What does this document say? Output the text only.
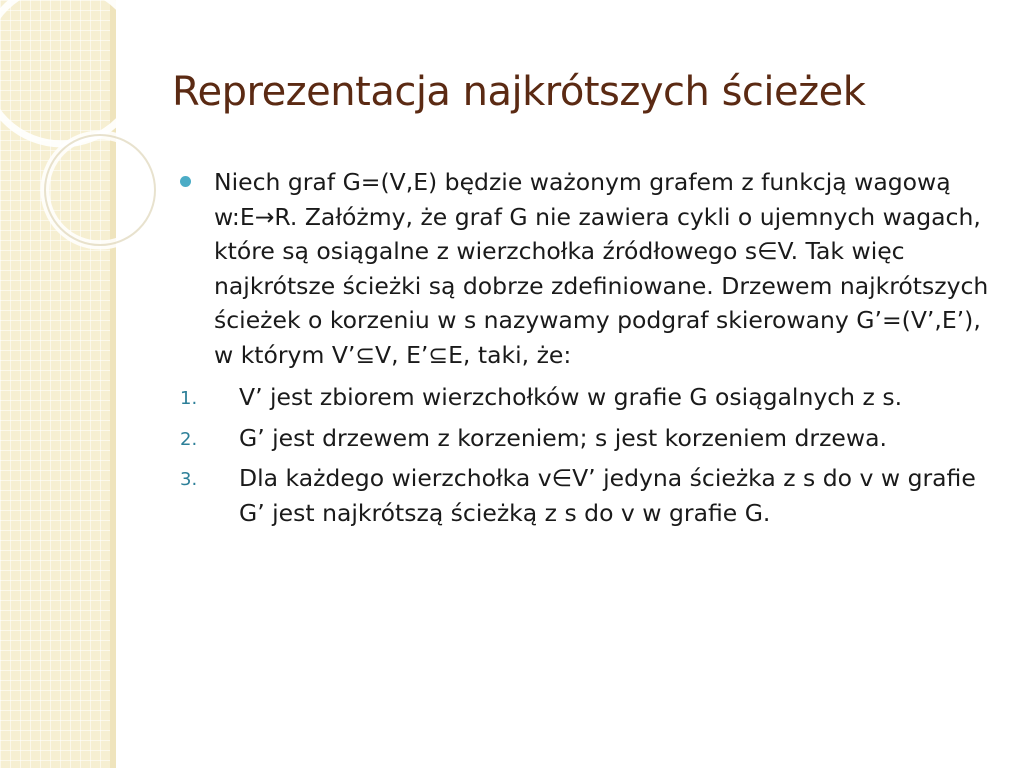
Reprezentacja najkrótszych ścieżek
Niech graf G=(V,E) będzie ważonym grafem z funkcją wagową w:E→R. Załóżmy, że graf G nie zawiera cykli o ujemnych wagach, które są osiągalne z wierzchołka źródłowego s∈V. Tak więc najkrótsze ścieżki są dobrze zdefiniowane. Drzewem najkrótszych ścieżek o korzeniu w s nazywamy podgraf skierowany G’=(V’,E’), w którym V’⊆V, E’⊆E, taki, że:
1. V’ jest zbiorem wierzchołków w grafie G osiągalnych z s.
2. G’ jest drzewem z korzeniem; s jest korzeniem drzewa.
3. Dla każdego wierzchołka v∈V’ jedyna ścieżka z s do v w grafie G’ jest najkrótszą ścieżką z s do v w grafie G.
